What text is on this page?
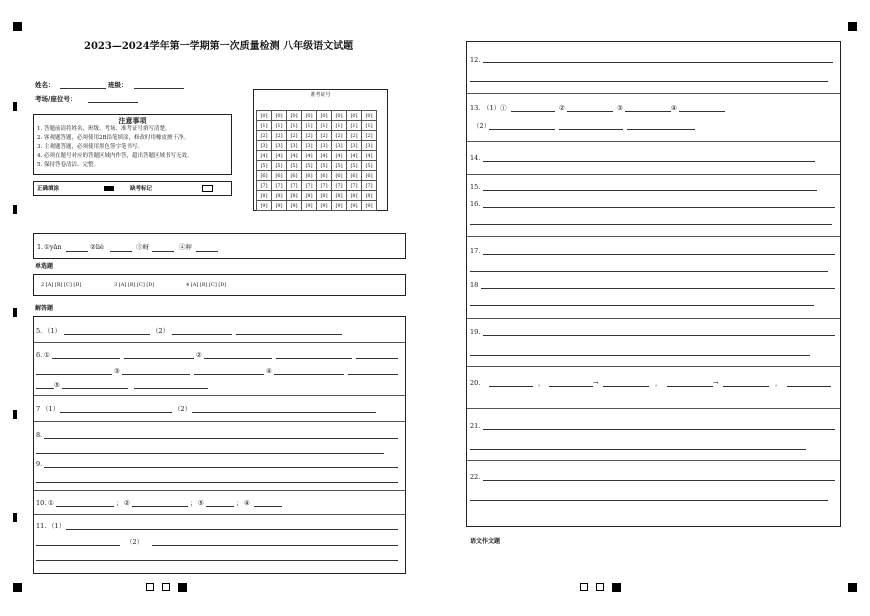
2023—2024学年第一学期第一次质量检测 八年级语文试题
姓名：	班级：
考场/座位号：	准考证号
[0]	[0]	[0]	[0]	[0]	[0]	[0]	[0]
[1]	[1]	[1]	[1]	[1]	[1]	[1]	[1]
[2]	[2]	[2]	[2]	[2]	[2]	[2]	[2]
[3]	[3]	[3]	[3]	[3]	[3]	[3]	[3]
[4]	[4]	[4]	[4]	[4]	[4]	[4]	[4]
[5]	[5]	[5]	[5]	[5]	[5]	[5]	[5]
[6]	[6]	[6]	[6]	[6]	[6]	[6]	[6]
[7]	[7]	[7]	[7]	[7]	[7]	[7]	[7]
[8]	[8]	[8]	[8]	[8]	[8]	[8]	[8]
[9]	[9]	[9]	[9]	[9]	[9]	[9]	[9]
注意事项
1. 答题前请将姓名、班级、考场、准考证号填写清楚。
2. 客观题答题，必须使用2B铅笔填涂，修改时用橡皮擦干净。
3. 主观题答题，必须使用黑色签字笔书写。
4. 必须在题号对应的答题区域内作答，超出答题区域书写无效。
5. 保持答卷清洁、完整。
正确填涂	缺考标记
1. ①yǎn	②liè	③岈	④秤
单选题
2 [A] [B] [C] [D]	3 [A] [B] [C] [D]	4 [A] [B] [C] [D]
解答题
5. （1）	（2）
6. ①	②
③	④
⑤
7 （1）	（2）
8.
9.
10. ①	； ②	； ⑤	； ④
11. （1）
（2）
12.
13. （1）①	②	③	④
（2）
14.
15.
16.
17.
18
19.
20.	，	→	，	→	，
21.
22.
语文作文题
